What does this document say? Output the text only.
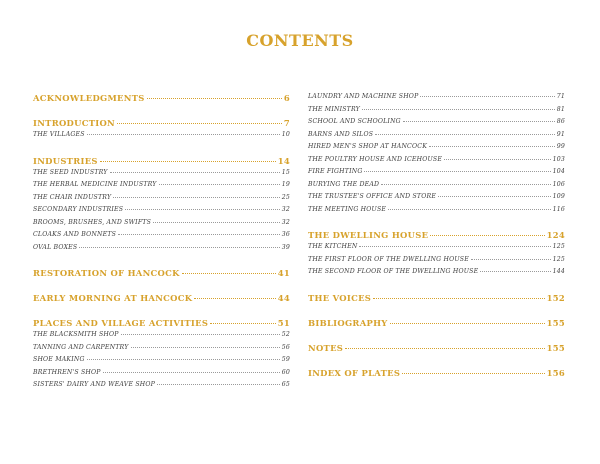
CONTENTS
ACKNOWLEDGMENTS	6
INTRODUCTION	7
THE VILLAGES	10
INDUSTRIES	14
THE SEED INDUSTRY	15
THE HERBAL MEDICINE INDUSTRY	19
THE CHAIR INDUSTRY	25
SECONDARY INDUSTRIES	32
BROOMS, BRUSHES, AND SWIFTS	32
CLOAKS AND BONNETS	36
OVAL BOXES	39
RESTORATION OF HANCOCK	41
EARLY MORNING AT HANCOCK	44
PLACES AND VILLAGE ACTIVITIES	51
THE BLACKSMITH SHOP	52
TANNING AND CARPENTRY	56
SHOE MAKING	59
BRETHREN'S SHOP	60
SISTERS' DAIRY AND WEAVE SHOP	65
LAUNDRY AND MACHINE SHOP	71
THE MINISTRY	81
SCHOOL AND SCHOOLING	86
BARNS AND SILOS	91
HIRED MEN'S SHOP AT HANCOCK	99
THE POULTRY HOUSE AND ICEHOUSE	103
FIRE FIGHTING	104
BURYING THE DEAD	106
THE TRUSTEE'S OFFICE AND STORE	109
THE MEETING HOUSE	116
THE DWELLING HOUSE	124
THE KITCHEN	125
THE FIRST FLOOR OF THE DWELLING HOUSE	125
THE SECOND FLOOR OF THE DWELLING HOUSE	144
THE VOICES	152
BIBLIOGRAPHY	155
NOTES	155
INDEX OF PLATES	156
